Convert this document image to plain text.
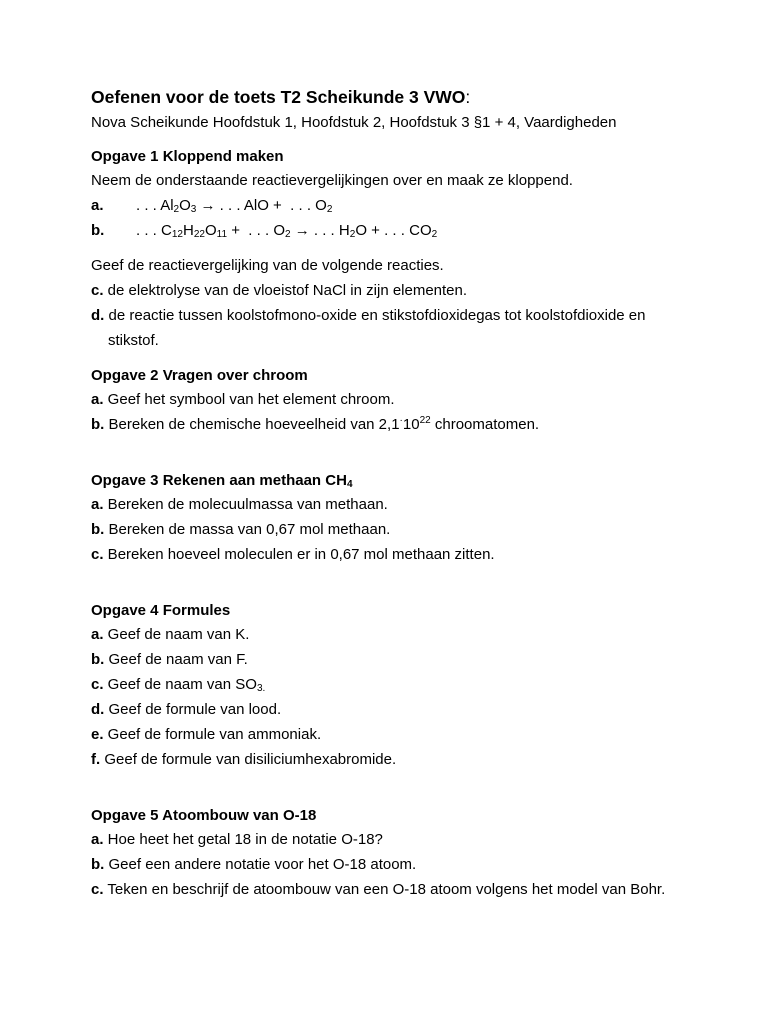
Oefenen voor de toets T2 Scheikunde 3 VWO:
Nova Scheikunde Hoofdstuk 1, Hoofdstuk 2, Hoofdstuk 3 §1 + 4, Vaardigheden
Opgave 1 Kloppend maken
Neem de onderstaande reactievergelijkingen over en maak ze kloppend.
a.	. . . $Al_2O_3$ → . . . AlO + . . . $O_2$
b.	. . . $C_{12}H_{22}O_{11}$ + . . . $O_2$ → . . . $H_2O$ + . . . $CO_2$
Geef de reactievergelijking van de volgende reacties.
c. de elektrolyse van de vloeistof NaCl in zijn elementen.
d. de reactie tussen koolstofmono-oxide en stikstofdioxidegas tot koolstofdioxide en stikstof.
Opgave 2 Vragen over chroom
a. Geef het symbool van het element chroom.
b. Bereken de chemische hoeveelheid van $2,1^\cdot 10^{22}$ chroomatomen.
Opgave 3 Rekenen aan methaan $CH_4$
a. Bereken de molecuulmassa van methaan.
b. Bereken de massa van 0,67 mol methaan.
c. Bereken hoeveel moleculen er in 0,67 mol methaan zitten.
Opgave 4 Formules
a. Geef de naam van K.
b. Geef de naam van F.
c. Geef de naam van $SO_{3.}$
d. Geef de formule van lood.
e. Geef de formule van ammoniak.
f. Geef de formule van disiliciumhexabromide.
Opgave 5 Atoombouw van O-18
a. Hoe heet het getal 18 in de notatie O-18?
b. Geef een andere notatie voor het O-18 atoom.
c. Teken en beschrijf de atoombouw van een O-18 atoom volgens het model van Bohr.
